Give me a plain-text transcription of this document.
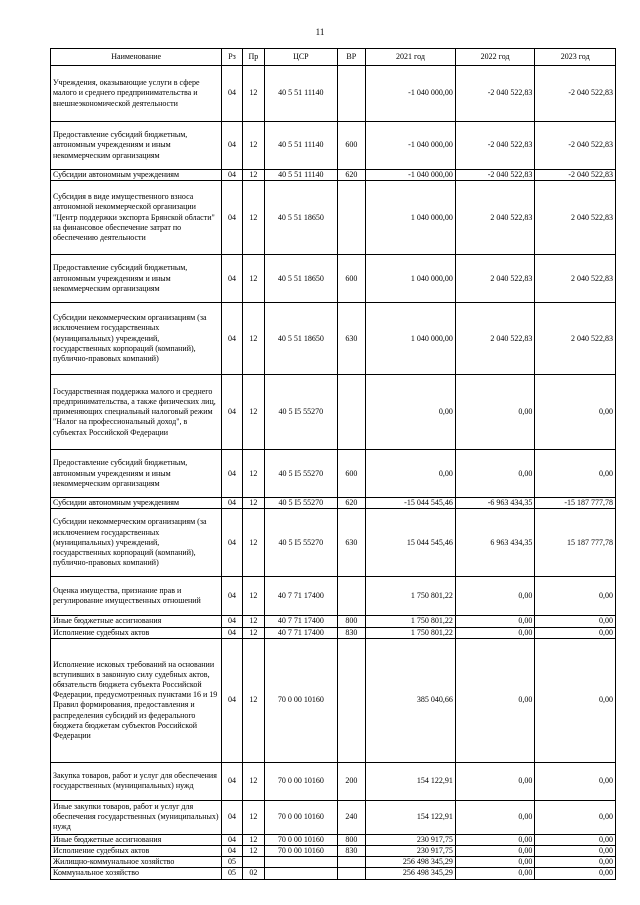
11
Наименование	Рз	Пр	ЦСР	ВР	2021 год	2022 год	2023 год
Учреждения, оказывающие услуги в сфере малого и среднего предпринимательства и внешнеэкономической деятельности	04	12	40 5 51 11140		-1 040 000,00	-2 040 522,83	-2 040 522,83
Предоставление субсидий бюджетным, автономным учреждениям и иным некоммерческим организациям	04	12	40 5 51 11140	600	-1 040 000,00	-2 040 522,83	-2 040 522,83
Субсидии автономным учреждениям	04	12	40 5 51 11140	620	-1 040 000,00	-2 040 522,83	-2 040 522,83
Субсидия в виде имущественного взноса автономной некоммерческой организации "Центр поддержки экспорта Брянской области" на финансовое обеспечение затрат по обеспечению деятельности	04	12	40 5 51 18650		1 040 000,00	2 040 522,83	2 040 522,83
Предоставление субсидий бюджетным, автономным учреждениям и иным некоммерческим организациям	04	12	40 5 51 18650	600	1 040 000,00	2 040 522,83	2 040 522,83
Субсидии некоммерческим организациям (за исключением государственных (муниципальных) учреждений, государственных корпораций (компаний), публично-правовых компаний)	04	12	40 5 51 18650	630	1 040 000,00	2 040 522,83	2 040 522,83
Государственная поддержка малого и среднего предпринимательства, а также физических лиц, применяющих специальный налоговый режим "Налог на профессиональный доход", в субъектах Российской Федерации	04	12	40 5 I5 55270		0,00	0,00	0,00
Предоставление субсидий бюджетным, автономным учреждениям и иным некоммерческим организациям	04	12	40 5 I5 55270	600	0,00	0,00	0,00
Субсидии автономным учреждениям	04	12	40 5 I5 55270	620	-15 044 545,46	-6 963 434,35	-15 187 777,78
Субсидии некоммерческим организациям (за исключением государственных (муниципальных) учреждений, государственных корпораций (компаний), публично-правовых компаний)	04	12	40 5 I5 55270	630	15 044 545,46	6 963 434,35	15 187 777,78
Оценка имущества, признание прав и регулирование имущественных отношений	04	12	40 7 71 17400		1 750 801,22	0,00	0,00
Иные бюджетные ассигнования	04	12	40 7 71 17400	800	1 750 801,22	0,00	0,00
Исполнение судебных актов	04	12	40 7 71 17400	830	1 750 801,22	0,00	0,00
Исполнение исковых требований на основании вступивших в законную силу судебных актов, обязательств бюджета субъекта Российской Федерации, предусмотренных пунктами 16 и 19 Правил формирования, предоставления и распределения субсидий из федерального бюджета бюджетам субъектов Российской Федерации	04	12	70 0 00 10160		385 040,66	0,00	0,00
Закупка товаров, работ и услуг для обеспечения государственных (муниципальных) нужд	04	12	70 0 00 10160	200	154 122,91	0,00	0,00
Иные закупки товаров, работ и услуг для обеспечения государственных (муниципальных) нужд	04	12	70 0 00 10160	240	154 122,91	0,00	0,00
Иные бюджетные ассигнования	04	12	70 0 00 10160	800	230 917,75	0,00	0,00
Исполнение судебных актов	04	12	70 0 00 10160	830	230 917,75	0,00	0,00
Жилищно-коммунальное хозяйство	05				256 498 345,29	0,00	0,00
Коммунальное хозяйство	05	02			256 498 345,29	0,00	0,00
